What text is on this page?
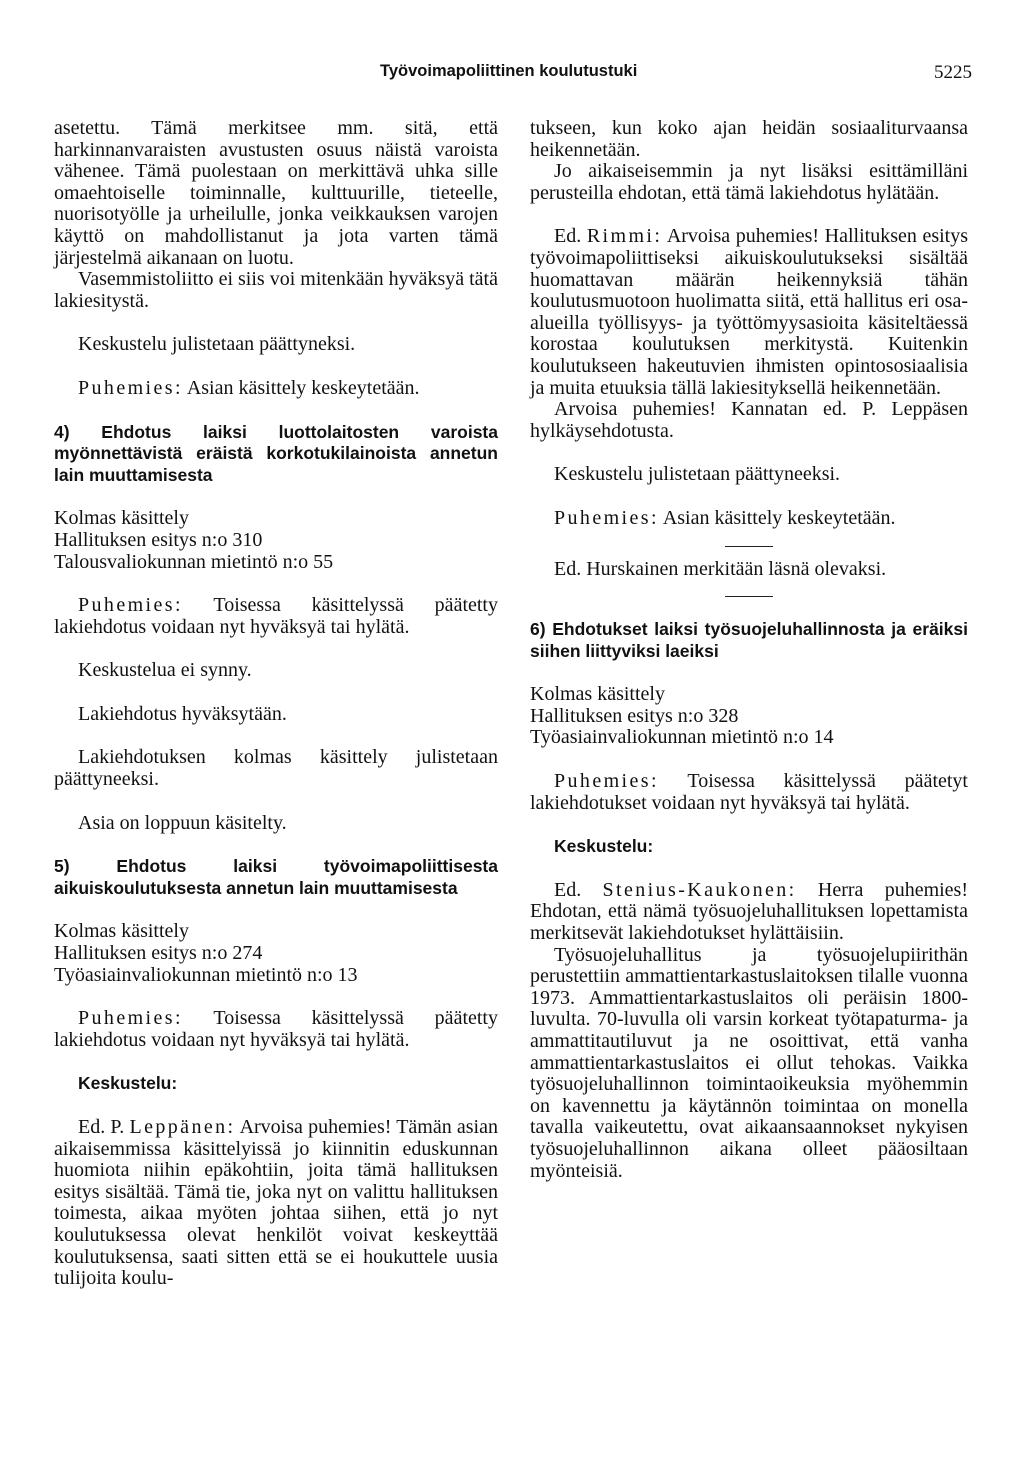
Työvoimapoliittinen koulutustuki	5225

asetettu. Tämä merkitsee mm. sitä, että harkinnanvaraisten avustusten osuus näistä varoista vähenee. Tämä puolestaan on merkittävä uhka sille omaehtoiselle toiminnalle, kulttuurille, tieteelle, nuorisotyölle ja urheilulle, jonka veikkauksen varojen käyttö on mahdollistanut ja jota varten tämä järjestelmä aikanaan on luotu.

Vasemmistoliitto ei siis voi mitenkään hyväksyä tätä lakiesitystä.

Keskustelu julistetaan päättyneksi.

Puhemies: Asian käsittely keskeytetään.

4) Ehdotus laiksi luottolaitosten varoista myönnettävistä eräistä korkotukilainoista annetun lain muuttamisesta

Kolmas käsittely

Hallituksen esitys n:o 310

Talousvaliokunnan mietintö n:o 55

Puhemies: Toisessa käsittelyssä päätetty lakiehdotus voidaan nyt hyväksyä tai hylätä.

Keskustelua ei synny.

Lakiehdotus hyväksytään.

Lakiehdotuksen kolmas käsittely julistetaan päättyneeksi.

Asia on loppuun käsitelty.

5) Ehdotus laiksi työvoimapoliittisesta aikuiskoulutuksesta annetun lain muuttamisesta

Kolmas käsittely

Hallituksen esitys n:o 274

Työasiainvaliokunnan mietintö n:o 13

Puhemies: Toisessa käsittelyssä päätetty lakiehdotus voidaan nyt hyväksyä tai hylätä.

Keskustelu:

Ed. P. Leppänen: Arvoisa puhemies! Tämän asian aikaisemmissa käsittelyissä jo kiinnitin eduskunnan huomiota niihin epäkohtiin, joita tämä hallituksen esitys sisältää. Tämä tie, joka nyt on valittu hallituksen toimesta, aikaa myöten johtaa siihen, että jo nyt koulutuksessa olevat henkilöt voivat keskeyttää koulutuksensa, saati sitten että se ei houkuttele uusia tulijoita koulu-

tukseen, kun koko ajan heidän sosiaaliturvaansa heikennetään.

Jo aikaiseisemmin ja nyt lisäksi esittämilläni perusteilla ehdotan, että tämä lakiehdotus hylätään.

Ed. Rimmi: Arvoisa puhemies! Hallituksen esitys työvoimapoliittiseksi aikuiskoulutukseksi sisältää huomattavan määrän heikennyksiä tähän koulutusmuotoon huolimatta siitä, että hallitus eri osa-alueilla työllisyys- ja työttömyysasioita käsiteltäessä korostaa koulutuksen merkitystä. Kuitenkin koulutukseen hakeutuvien ihmisten opintososiaalisia ja muita etuuksia tällä lakiesityksellä heikennetään.

Arvoisa puhemies! Kannatan ed. P. Leppäsen hylkäysehdotusta.

Keskustelu julistetaan päättyneeksi.

Puhemies: Asian käsittely keskeytetään.

Ed. Hurskainen merkitään läsnä olevaksi.

6) Ehdotukset laiksi työsuojeluhallinnosta ja eräiksi siihen liittyviksi laeiksi

Kolmas käsittely

Hallituksen esitys n:o 328

Työasiainvaliokunnan mietintö n:o 14

Puhemies: Toisessa käsittelyssä päätetyt lakiehdotukset voidaan nyt hyväksyä tai hylätä.

Keskustelu:

Ed. Stenius-Kaukonen: Herra puhemies! Ehdotan, että nämä työsuojeluhallituksen lopettamista merkitsevät lakiehdotukset hylättäisiin.

Työsuojeluhallitus ja työsuojelupiirithän perustettiin ammattientarkastuslaitoksen tilalle vuonna 1973. Ammattientarkastuslaitos oli peräisin 1800-luvulta. 70-luvulla oli varsin korkeat työtapaturma- ja ammattitautiluvut ja ne osoittivat, että vanha ammattientarkastuslaitos ei ollut tehokas. Vaikka työsuojeluhallinnon toimintaoikeuksia myöhemmin on kavennettu ja käytännön toimintaa on monella tavalla vaikeutettu, ovat aikaansaannokset nykyisen työsuojeluhallinnon aikana olleet pääosiltaan myönteisiä.
